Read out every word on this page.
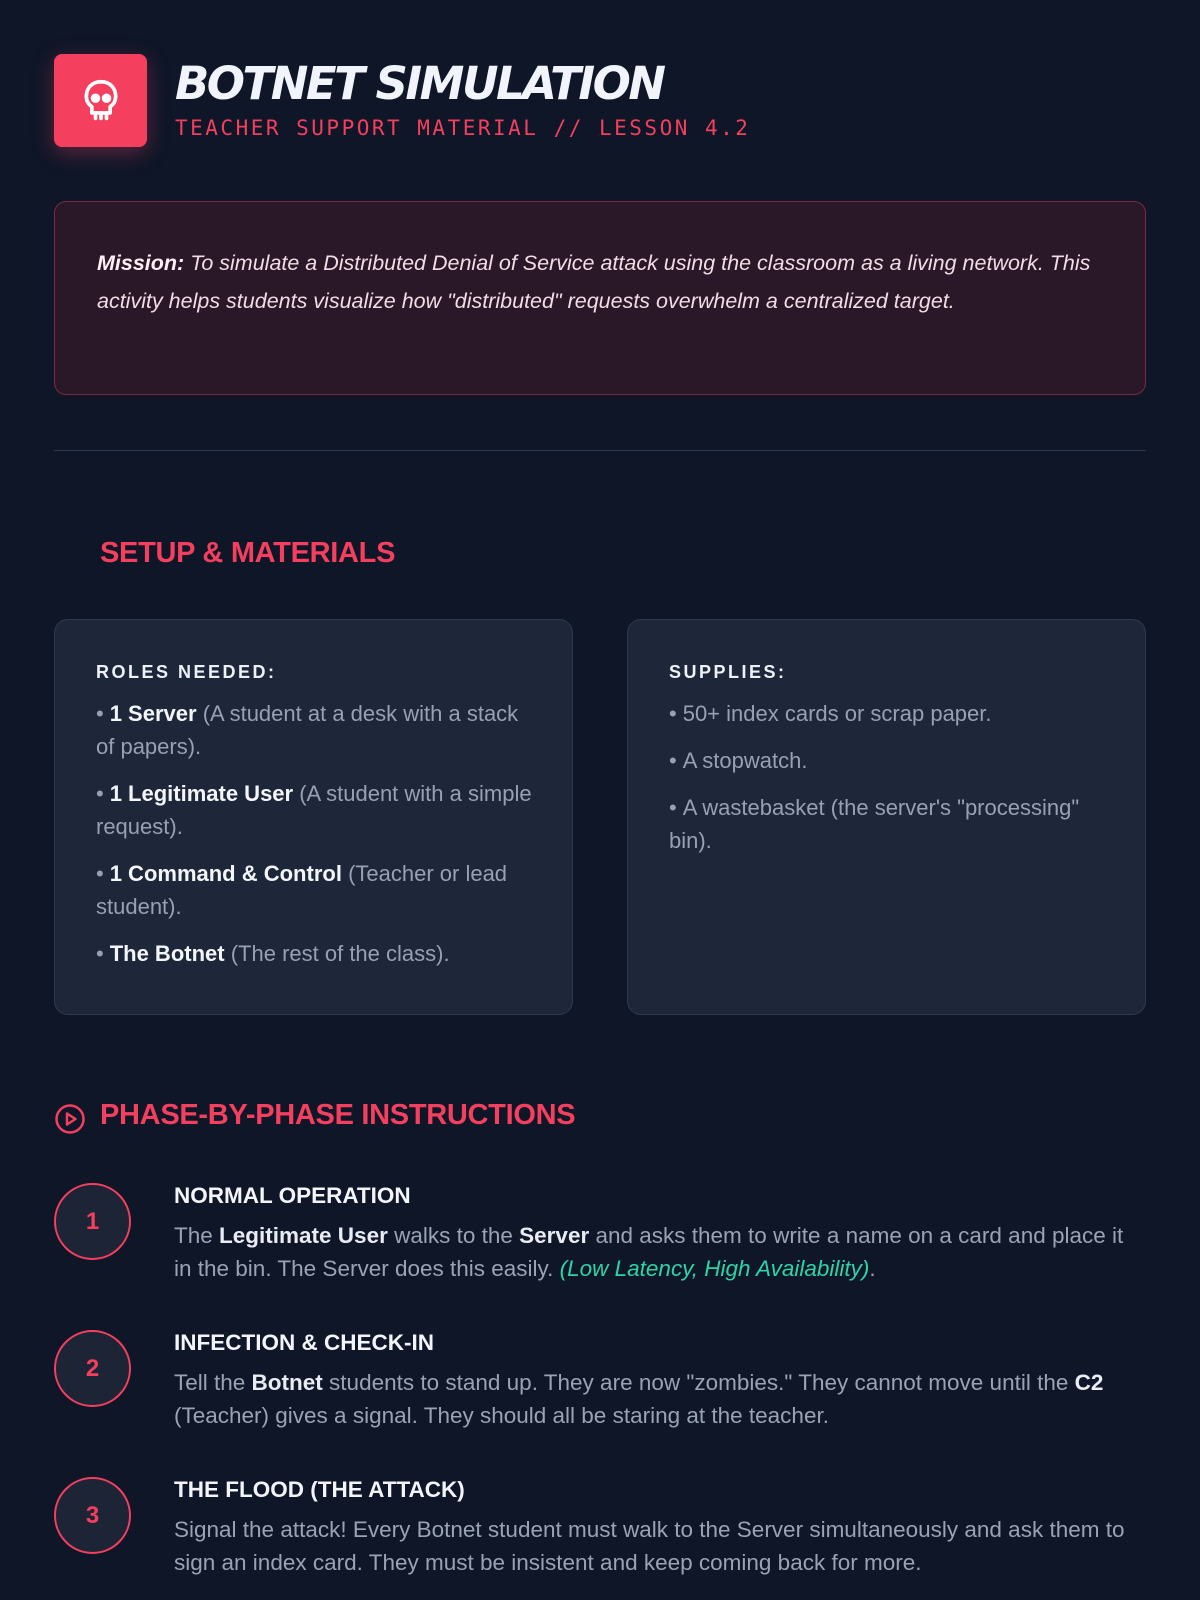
BOTNET SIMULATION
TEACHER SUPPORT MATERIAL // LESSON 4.2

Mission: To simulate a Distributed Denial of Service attack using the classroom as a living network. This activity helps students visualize how "distributed" requests overwhelm a centralized target.

SETUP & MATERIALS
ROLES NEEDED:
• 1 Server (A student at a desk with a stack of papers).
• 1 Legitimate User (A student with a simple request).
• 1 Command & Control (Teacher or lead student).
• The Botnet (The rest of the class).
SUPPLIES:
• 50+ index cards or scrap paper.
• A stopwatch.
• A wastebasket (the server's "processing" bin).
PHASE-BY-PHASE INSTRUCTIONS
1
NORMAL OPERATION
The Legitimate User walks to the Server and asks them to write a name on a card and place it in the bin. The Server does this easily. (Low Latency, High Availability).
2
INFECTION & CHECK-IN
Tell the Botnet students to stand up. They are now "zombies." They cannot move until the C2 (Teacher) gives a signal. They should all be staring at the teacher.
3
THE FLOOD (THE ATTACK)
Signal the attack! Every Botnet student must walk to the Server simultaneously and ask them to sign an index card. They must be insistent and keep coming back for more.
